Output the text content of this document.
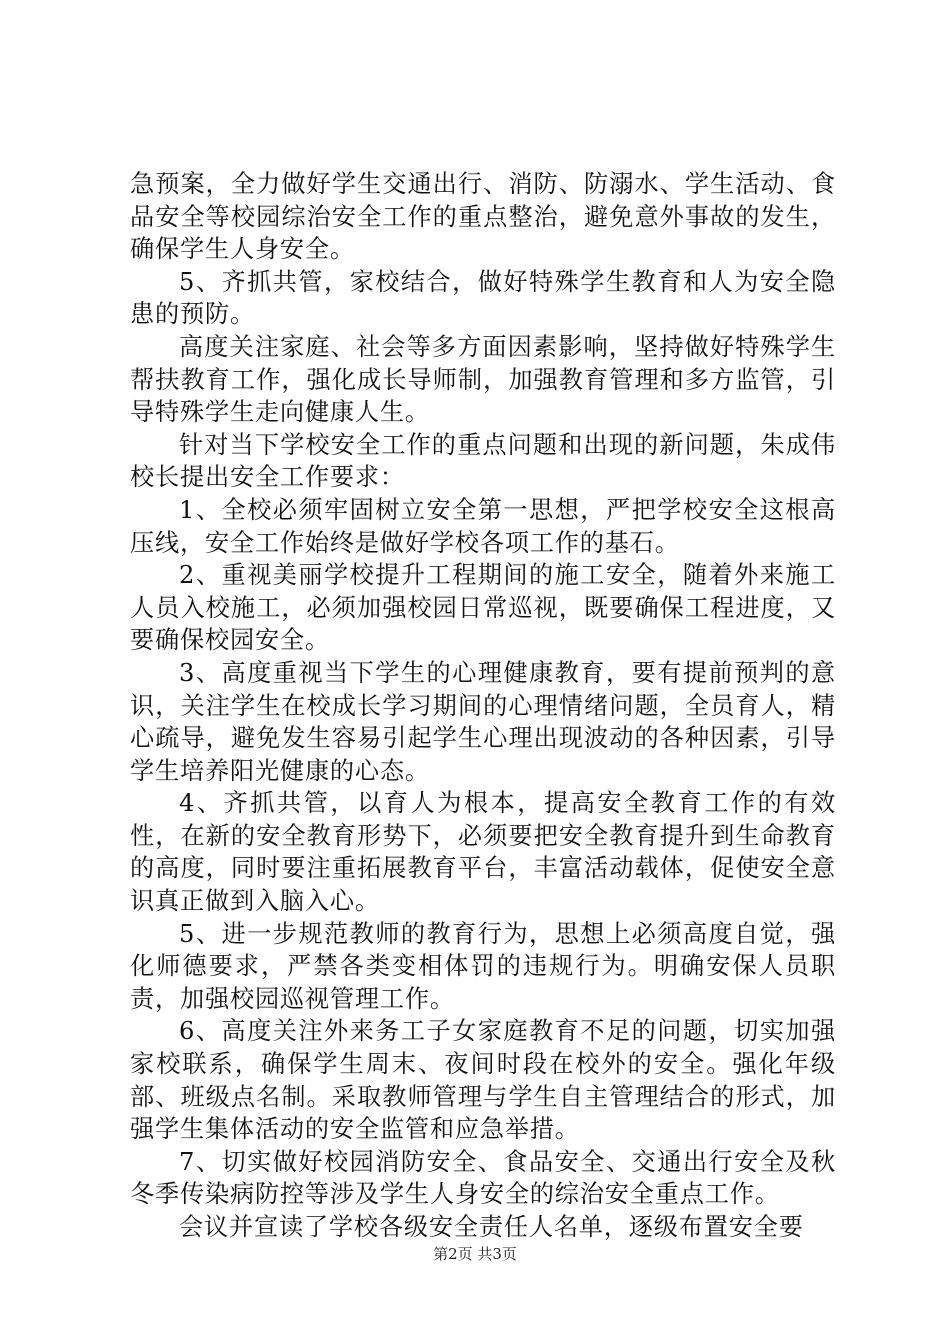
急预案，全力做好学生交通出行、消防、防溺水、学生活动、食品安全等校园综治安全工作的重点整治，避免意外事故的发生，确保学生人身安全。

5、齐抓共管，家校结合，做好特殊学生教育和人为安全隐患的预防。

高度关注家庭、社会等多方面因素影响，坚持做好特殊学生帮扶教育工作，强化成长导师制，加强教育管理和多方监管，引导特殊学生走向健康人生。

针对当下学校安全工作的重点问题和出现的新问题，朱成伟校长提出安全工作要求：

1、全校必须牢固树立安全第一思想，严把学校安全这根高压线，安全工作始终是做好学校各项工作的基石。

2、重视美丽学校提升工程期间的施工安全，随着外来施工人员入校施工，必须加强校园日常巡视，既要确保工程进度，又要确保校园安全。

3、高度重视当下学生的心理健康教育，要有提前预判的意识，关注学生在校成长学习期间的心理情绪问题，全员育人，精心疏导，避免发生容易引起学生心理出现波动的各种因素，引导学生培养阳光健康的心态。

4、齐抓共管，以育人为根本，提高安全教育工作的有效性，在新的安全教育形势下，必须要把安全教育提升到生命教育的高度，同时要注重拓展教育平台，丰富活动载体，促使安全意识真正做到入脑入心。

5、进一步规范教师的教育行为，思想上必须高度自觉，强化师德要求，严禁各类变相体罚的违规行为。明确安保人员职责，加强校园巡视管理工作。

6、高度关注外来务工子女家庭教育不足的问题，切实加强家校联系，确保学生周末、夜间时段在校外的安全。强化年级部、班级点名制。采取教师管理与学生自主管理结合的形式，加强学生集体活动的安全监管和应急举措。

7、切实做好校园消防安全、食品安全、交通出行安全及秋冬季传染病防控等涉及学生人身安全的综治安全重点工作。

会议并宣读了学校各级安全责任人名单，逐级布置安全要

第2页 共3页
